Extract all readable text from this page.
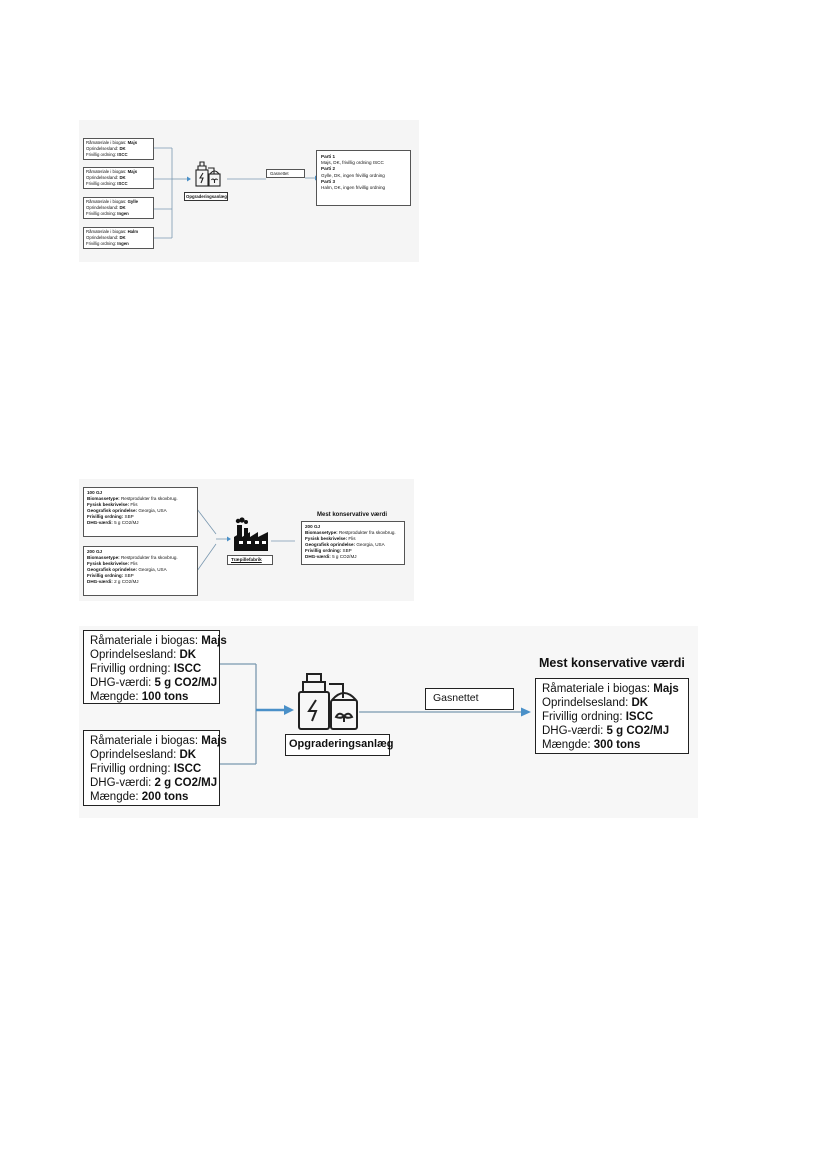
Råmateriale i biogas: Majs
Oprindelsesland: DK
Frivillig ordning: ISCC
Råmateriale i biogas: Majs
Oprindelsesland: DK
Frivillig ordning: ISCC
Råmateriale i biogas: Gylle
Oprindelsesland: DK
Frivillig ordning: Ingen
Råmateriale i biogas: Halm
Oprindelsesland: DK
Frivillig ordning: Ingen
Opgraderingsanlæg
Gasnettet
Parti 1
Majs, DK, frivillig ordning ISCC
Parti 2
Gylle, DK, ingen frivillig ordning
Parti 3
Halm, DK, ingen frivillig ordning
100 GJ
Biomassetype: Restprodukter fra skovbrug.
Fysisk beskrivelse: Flis
Geografisk oprindelse: Georgia, USA
Frivillig ordning: SBP
DHG-værdi: 5 g CO2/MJ
200 GJ
Biomassetype: Restprodukter fra skovbrug.
Fysisk beskrivelse: Flis
Geografisk oprindelse: Georgia, USA
Frivillig ordning: SBP
DHG-værdi: 2 g CO2/MJ
Træpillefabrik
Mest konservative værdi
200 GJ
Biomassetype: Restprodukter fra skovbrug.
Fysisk beskrivelse: Flis
Geografisk oprindelse: Georgia, USA
Frivillig ordning: SBP
DHG-værdi: 5 g CO2/MJ
Råmateriale i biogas: Majs
Oprindelsesland: DK
Frivillig ordning: ISCC
DHG-værdi: 5 g CO2/MJ
Mængde: 100 tons
Råmateriale i biogas: Majs
Oprindelsesland: DK
Frivillig ordning: ISCC
DHG-værdi: 2 g CO2/MJ
Mængde: 200 tons
Opgraderingsanlæg
Gasnettet
Mest konservative værdi
Råmateriale i biogas: Majs
Oprindelsesland: DK
Frivillig ordning: ISCC
DHG-værdi: 5 g CO2/MJ
Mængde: 300 tons
